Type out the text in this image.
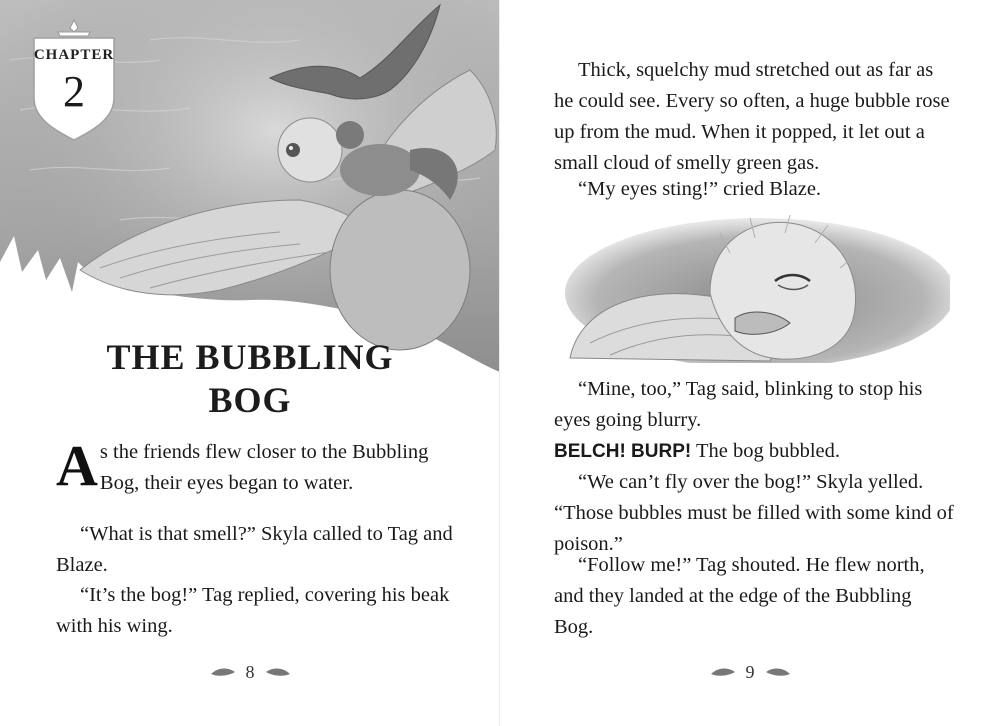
CHAPTER
2
THE BUBBLING
BOG

As the friends flew closer to the Bubbling Bog, their eyes began to water.

“What is that smell?” Skyla called to Tag and Blaze.

“It’s the bog!” Tag replied, covering his beak with his wing.

8

Thick, squelchy mud stretched out as far as he could see. Every so often, a huge bubble rose up from the mud. When it popped, it let out a small cloud of smelly green gas.

“My eyes sting!” cried Blaze.

“Mine, too,” Tag said, blinking to stop his eyes going blurry.

BELCH! BURP! The bog bubbled.

“We can’t fly over the bog!” Skyla yelled. “Those bubbles must be filled with some kind of poison.”

“Follow me!” Tag shouted. He flew north, and they landed at the edge of the Bubbling Bog.

9
